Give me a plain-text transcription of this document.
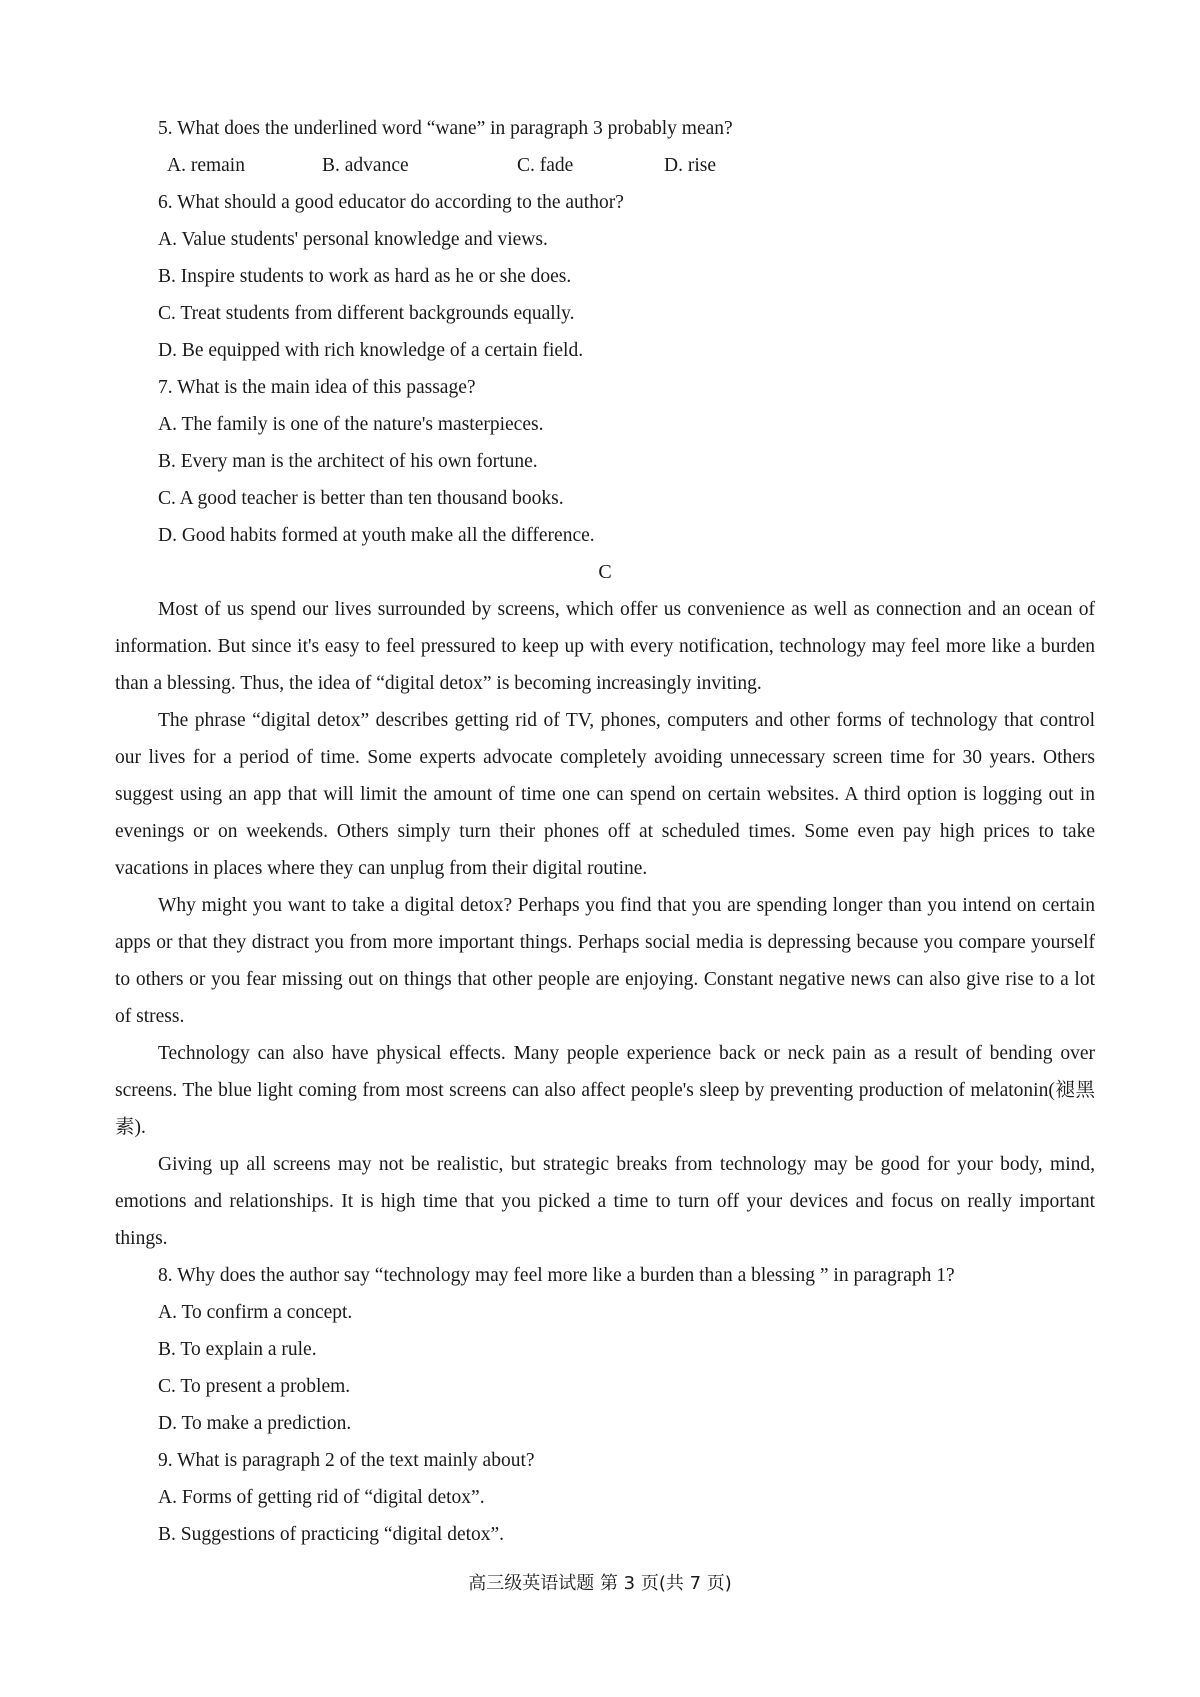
5. What does the underlined word “wane” in paragraph 3 probably mean?
A. remain	B. advance	C. fade	D. rise
6. What should a good educator do according to the author?
A. Value students' personal knowledge and views.
B. Inspire students to work as hard as he or she does.
C. Treat students from different backgrounds equally.
D. Be equipped with rich knowledge of a certain field.
7. What is the main idea of this passage?
A. The family is one of the nature's masterpieces.
B. Every man is the architect of his own fortune.
C. A good teacher is better than ten thousand books.
D. Good habits formed at youth make all the difference.
C

Most of us spend our lives surrounded by screens, which offer us convenience as well as connection and an ocean of information. But since it's easy to feel pressured to keep up with every notification, technology may feel more like a burden than a blessing. Thus, the idea of “digital detox” is becoming increasingly inviting.

The phrase “digital detox” describes getting rid of TV, phones, computers and other forms of technology that control our lives for a period of time. Some experts advocate completely avoiding unnecessary screen time for 30 years. Others suggest using an app that will limit the amount of time one can spend on certain websites. A third option is logging out in evenings or on weekends. Others simply turn their phones off at scheduled times. Some even pay high prices to take vacations in places where they can unplug from their digital routine.

Why might you want to take a digital detox? Perhaps you find that you are spending longer than you intend on certain apps or that they distract you from more important things. Perhaps social media is depressing because you compare yourself to others or you fear missing out on things that other people are enjoying. Constant negative news can also give rise to a lot of stress.

Technology can also have physical effects. Many people experience back or neck pain as a result of bending over screens. The blue light coming from most screens can also affect people's sleep by preventing production of melatonin(褪黑素).

Giving up all screens may not be realistic, but strategic breaks from technology may be good for your body, mind, emotions and relationships. It is high time that you picked a time to turn off your devices and focus on really important things.

8. Why does the author say “technology may feel more like a burden than a blessing ” in paragraph 1?
A. To confirm a concept.
B. To explain a rule.
C. To present a problem.
D. To make a prediction.
9. What is paragraph 2 of the text mainly about?
A. Forms of getting rid of “digital detox”.
B. Suggestions of practicing “digital detox”.
高三级英语试题 第 3 页(共 7 页)
